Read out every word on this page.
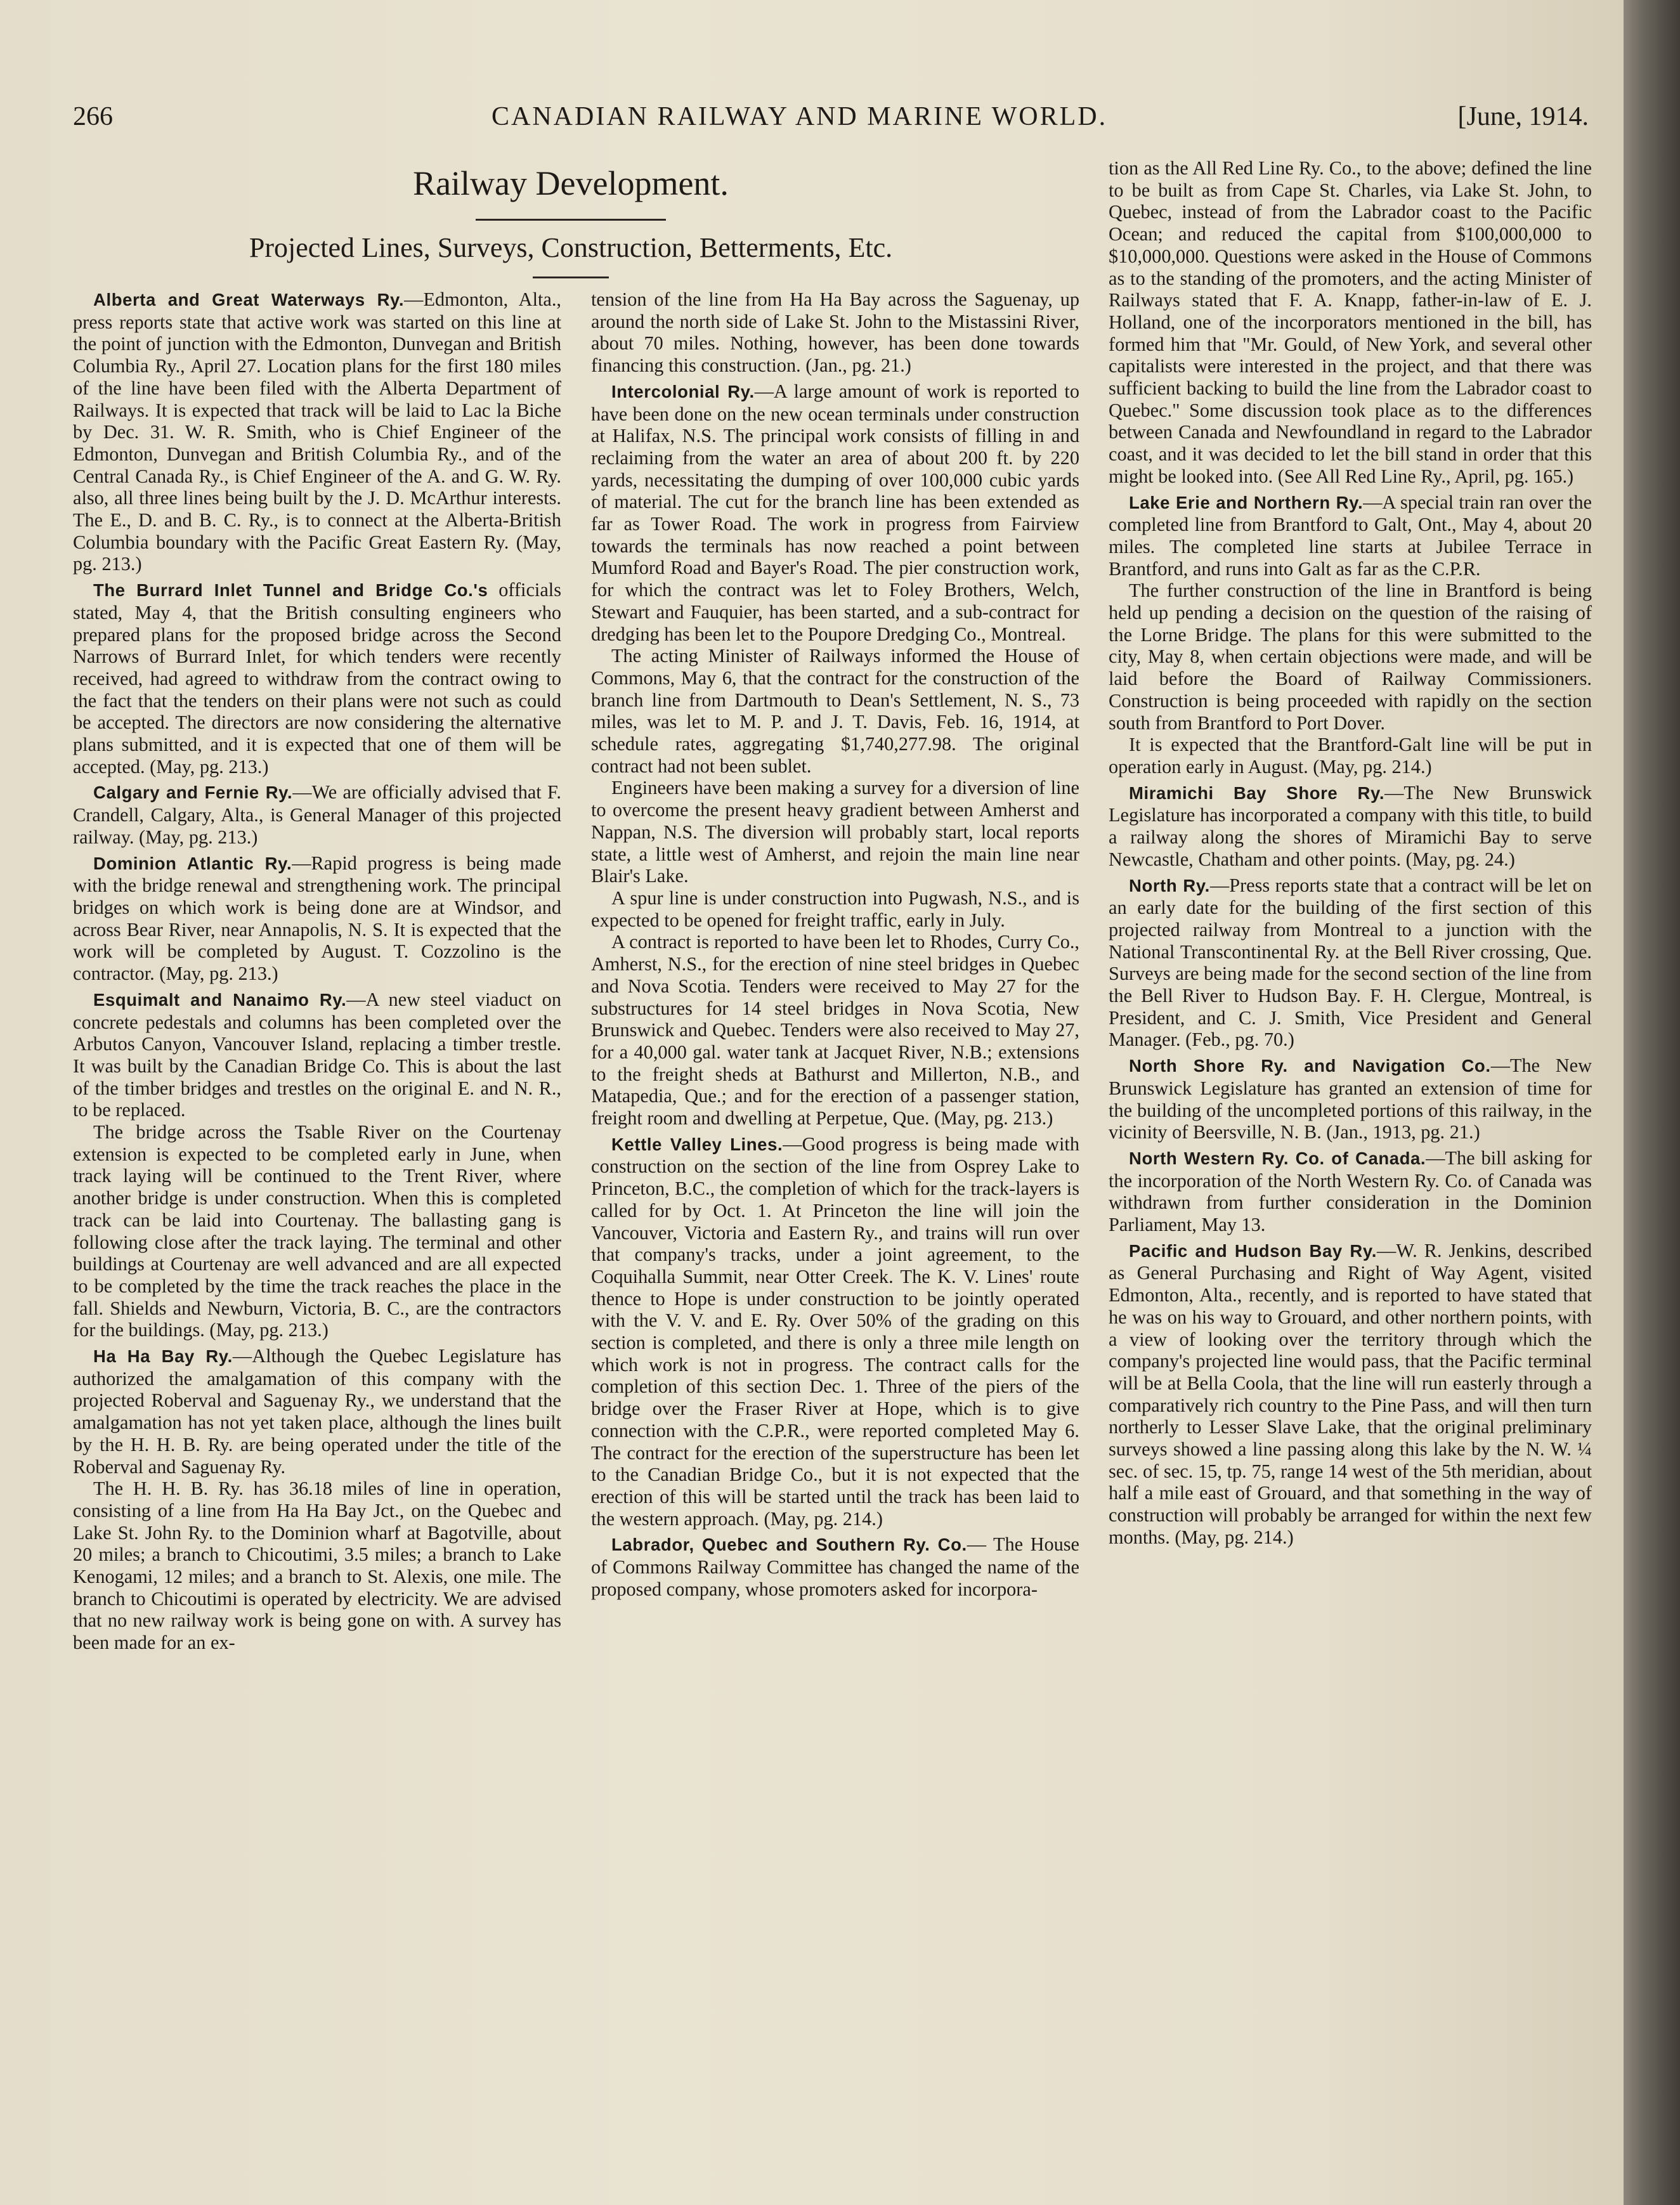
266	CANADIAN RAILWAY AND MARINE WORLD.	[June, 1914.
Railway Development.
Projected Lines, Surveys, Construction, Betterments, Etc.

Alberta and Great Waterways Ry.—Edmonton, Alta., press reports state that active work was started on this line at the point of junction with the Edmonton, Dunvegan and British Columbia Ry., April 27. Location plans for the first 180 miles of the line have been filed with the Alberta Department of Railways. It is expected that track will be laid to Lac la Biche by Dec. 31. W. R. Smith, who is Chief Engineer of the Edmonton, Dunvegan and British Columbia Ry., and of the Central Canada Ry., is Chief Engineer of the A. and G. W. Ry. also, all three lines being built by the J. D. McArthur interests. The E., D. and B. C. Ry., is to connect at the Alberta-British Columbia boundary with the Pacific Great Eastern Ry. (May, pg. 213.)

The Burrard Inlet Tunnel and Bridge Co.'s officials stated, May 4, that the British consulting engineers who prepared plans for the proposed bridge across the Second Narrows of Burrard Inlet, for which tenders were recently received, had agreed to withdraw from the contract owing to the fact that the tenders on their plans were not such as could be accepted. The directors are now considering the alternative plans submitted, and it is expected that one of them will be accepted. (May, pg. 213.)

Calgary and Fernie Ry.—We are officially advised that F. Crandell, Calgary, Alta., is General Manager of this projected railway. (May, pg. 213.)

Dominion Atlantic Ry.—Rapid progress is being made with the bridge renewal and strengthening work. The principal bridges on which work is being done are at Windsor, and across Bear River, near Annapolis, N. S. It is expected that the work will be completed by August. T. Cozzolino is the contractor. (May, pg. 213.)

Esquimalt and Nanaimo Ry.—A new steel viaduct on concrete pedestals and columns has been completed over the Arbutos Canyon, Vancouver Island, replacing a timber trestle. It was built by the Canadian Bridge Co. This is about the last of the timber bridges and trestles on the original E. and N. R., to be replaced.

The bridge across the Tsable River on the Courtenay extension is expected to be completed early in June, when track laying will be continued to the Trent River, where another bridge is under construction. When this is completed track can be laid into Courtenay. The ballasting gang is following close after the track laying. The terminal and other buildings at Courtenay are well advanced and are all expected to be completed by the time the track reaches the place in the fall. Shields and Newburn, Victoria, B. C., are the contractors for the buildings. (May, pg. 213.)

Ha Ha Bay Ry.—Although the Quebec Legislature has authorized the amalgamation of this company with the projected Roberval and Saguenay Ry., we understand that the amalgamation has not yet taken place, although the lines built by the H. H. B. Ry. are being operated under the title of the Roberval and Saguenay Ry.

The H. H. B. Ry. has 36.18 miles of line in operation, consisting of a line from Ha Ha Bay Jct., on the Quebec and Lake St. John Ry. to the Dominion wharf at Bagotville, about 20 miles; a branch to Chicoutimi, 3.5 miles; a branch to Lake Kenogami, 12 miles; and a branch to St. Alexis, one mile. The branch to Chicoutimi is operated by electricity. We are advised that no new railway work is being gone on with. A survey has been made for an ex-

tension of the line from Ha Ha Bay across the Saguenay, up around the north side of Lake St. John to the Mistassini River, about 70 miles. Nothing, however, has been done towards financing this construction. (Jan., pg. 21.)

Intercolonial Ry.—A large amount of work is reported to have been done on the new ocean terminals under construction at Halifax, N.S. The principal work consists of filling in and reclaiming from the water an area of about 200 ft. by 220 yards, necessitating the dumping of over 100,000 cubic yards of material. The cut for the branch line has been extended as far as Tower Road. The work in progress from Fairview towards the terminals has now reached a point between Mumford Road and Bayer's Road. The pier construction work, for which the contract was let to Foley Brothers, Welch, Stewart and Fauquier, has been started, and a sub-contract for dredging has been let to the Poupore Dredging Co., Montreal.

The acting Minister of Railways informed the House of Commons, May 6, that the contract for the construction of the branch line from Dartmouth to Dean's Settlement, N. S., 73 miles, was let to M. P. and J. T. Davis, Feb. 16, 1914, at schedule rates, aggregating $1,740,277.98. The original contract had not been sublet.

Engineers have been making a survey for a diversion of line to overcome the present heavy gradient between Amherst and Nappan, N.S. The diversion will probably start, local reports state, a little west of Amherst, and rejoin the main line near Blair's Lake.

A spur line is under construction into Pugwash, N.S., and is expected to be opened for freight traffic, early in July.

A contract is reported to have been let to Rhodes, Curry Co., Amherst, N.S., for the erection of nine steel bridges in Quebec and Nova Scotia. Tenders were received to May 27 for the substructures for 14 steel bridges in Nova Scotia, New Brunswick and Quebec. Tenders were also received to May 27, for a 40,000 gal. water tank at Jacquet River, N.B.; extensions to the freight sheds at Bathurst and Millerton, N.B., and Matapedia, Que.; and for the erection of a passenger station, freight room and dwelling at Perpetue, Que. (May, pg. 213.)

Kettle Valley Lines.—Good progress is being made with construction on the section of the line from Osprey Lake to Princeton, B.C., the completion of which for the track-layers is called for by Oct. 1. At Princeton the line will join the Vancouver, Victoria and Eastern Ry., and trains will run over that company's tracks, under a joint agreement, to the Coquihalla Summit, near Otter Creek. The K. V. Lines' route thence to Hope is under construction to be jointly operated with the V. V. and E. Ry. Over 50% of the grading on this section is completed, and there is only a three mile length on which work is not in progress. The contract calls for the completion of this section Dec. 1. Three of the piers of the bridge over the Fraser River at Hope, which is to give connection with the C.P.R., were reported completed May 6. The contract for the erection of the superstructure has been let to the Canadian Bridge Co., but it is not expected that the erection of this will be started until the track has been laid to the western approach. (May, pg. 214.)

Labrador, Quebec and Southern Ry. Co.— The House of Commons Railway Committee has changed the name of the proposed company, whose promoters asked for incorpora-

tion as the All Red Line Ry. Co., to the above; defined the line to be built as from Cape St. Charles, via Lake St. John, to Quebec, instead of from the Labrador coast to the Pacific Ocean; and reduced the capital from $100,000,000 to $10,000,000. Questions were asked in the House of Commons as to the standing of the promoters, and the acting Minister of Railways stated that F. A. Knapp, father-in-law of E. J. Holland, one of the incorporators mentioned in the bill, has formed him that "Mr. Gould, of New York, and several other capitalists were interested in the project, and that there was sufficient backing to build the line from the Labrador coast to Quebec." Some discussion took place as to the differences between Canada and Newfoundland in regard to the Labrador coast, and it was decided to let the bill stand in order that this might be looked into. (See All Red Line Ry., April, pg. 165.)

Lake Erie and Northern Ry.—A special train ran over the completed line from Brantford to Galt, Ont., May 4, about 20 miles. The completed line starts at Jubilee Terrace in Brantford, and runs into Galt as far as the C.P.R.

The further construction of the line in Brantford is being held up pending a decision on the question of the raising of the Lorne Bridge. The plans for this were submitted to the city, May 8, when certain objections were made, and will be laid before the Board of Railway Commissioners. Construction is being proceeded with rapidly on the section south from Brantford to Port Dover.

It is expected that the Brantford-Galt line will be put in operation early in August. (May, pg. 214.)

Miramichi Bay Shore Ry.—The New Brunswick Legislature has incorporated a company with this title, to build a railway along the shores of Miramichi Bay to serve Newcastle, Chatham and other points. (May, pg. 24.)

North Ry.—Press reports state that a contract will be let on an early date for the building of the first section of this projected railway from Montreal to a junction with the National Transcontinental Ry. at the Bell River crossing, Que. Surveys are being made for the second section of the line from the Bell River to Hudson Bay. F. H. Clergue, Montreal, is President, and C. J. Smith, Vice President and General Manager. (Feb., pg. 70.)

North Shore Ry. and Navigation Co.—The New Brunswick Legislature has granted an extension of time for the building of the uncompleted portions of this railway, in the vicinity of Beersville, N. B. (Jan., 1913, pg. 21.)

North Western Ry. Co. of Canada.—The bill asking for the incorporation of the North Western Ry. Co. of Canada was withdrawn from further consideration in the Dominion Parliament, May 13.

Pacific and Hudson Bay Ry.—W. R. Jenkins, described as General Purchasing and Right of Way Agent, visited Edmonton, Alta., recently, and is reported to have stated that he was on his way to Grouard, and other northern points, with a view of looking over the territory through which the company's projected line would pass, that the Pacific terminal will be at Bella Coola, that the line will run easterly through a comparatively rich country to the Pine Pass, and will then turn northerly to Lesser Slave Lake, that the original preliminary surveys showed a line passing along this lake by the N. W. ¼ sec. of sec. 15, tp. 75, range 14 west of the 5th meridian, about half a mile east of Grouard, and that something in the way of construction will probably be arranged for within the next few months. (May, pg. 214.)
